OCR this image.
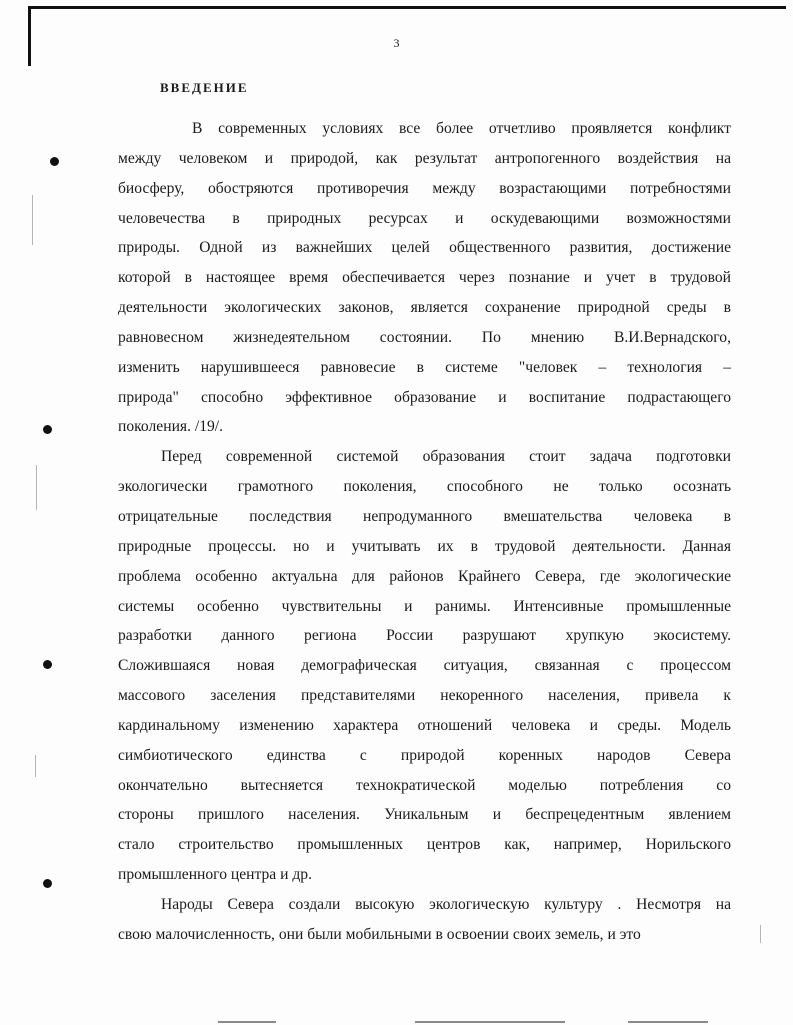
3
ВВЕДЕНИЕ
В современных условиях все более отчетливо проявляется конфликт
между человеком и природой, как результат антропогенного воздействия на
биосферу, обостряются противоречия между возрастающими потребностями
человечества в природных ресурсах и оскудевающими возможностями
природы. Одной из важнейших целей общественного развития, достижение
которой в настоящее время обеспечивается через познание и учет в трудовой
деятельности экологических законов, является сохранение природной среды в
равновесном жизнедеятельном состоянии. По мнению В.И.Вернадского,
изменить нарушившееся равновесие в системе "человек – технология –
природа" способно эффективное образование и воспитание подрастающего
поколения. /19/.
Перед современной системой образования стоит задача подготовки
экологически грамотного поколения, способного не только осознать
отрицательные последствия непродуманного вмешательства человека в
природные процессы. но и учитывать их в трудовой деятельности. Данная
проблема особенно актуальна для районов Крайнего Севера, где экологические
системы особенно чувствительны и ранимы. Интенсивные промышленные
разработки данного региона России разрушают хрупкую экосистему.
Сложившаяся новая демографическая ситуация, связанная с процессом
массового заселения представителями некоренного населения, привела к
кардинальному изменению характера отношений человека и среды. Модель
симбиотического единства с природой коренных народов Севера
окончательно вытесняется технократической моделью потребления со
стороны пришлого населения. Уникальным и беспрецедентным явлением
стало строительство промышленных центров как, например, Норильского
промышленного центра и др.
Народы Севера создали высокую экологическую культуру . Несмотря на
свою малочисленность, они были мобильными в освоении своих земель, и это
